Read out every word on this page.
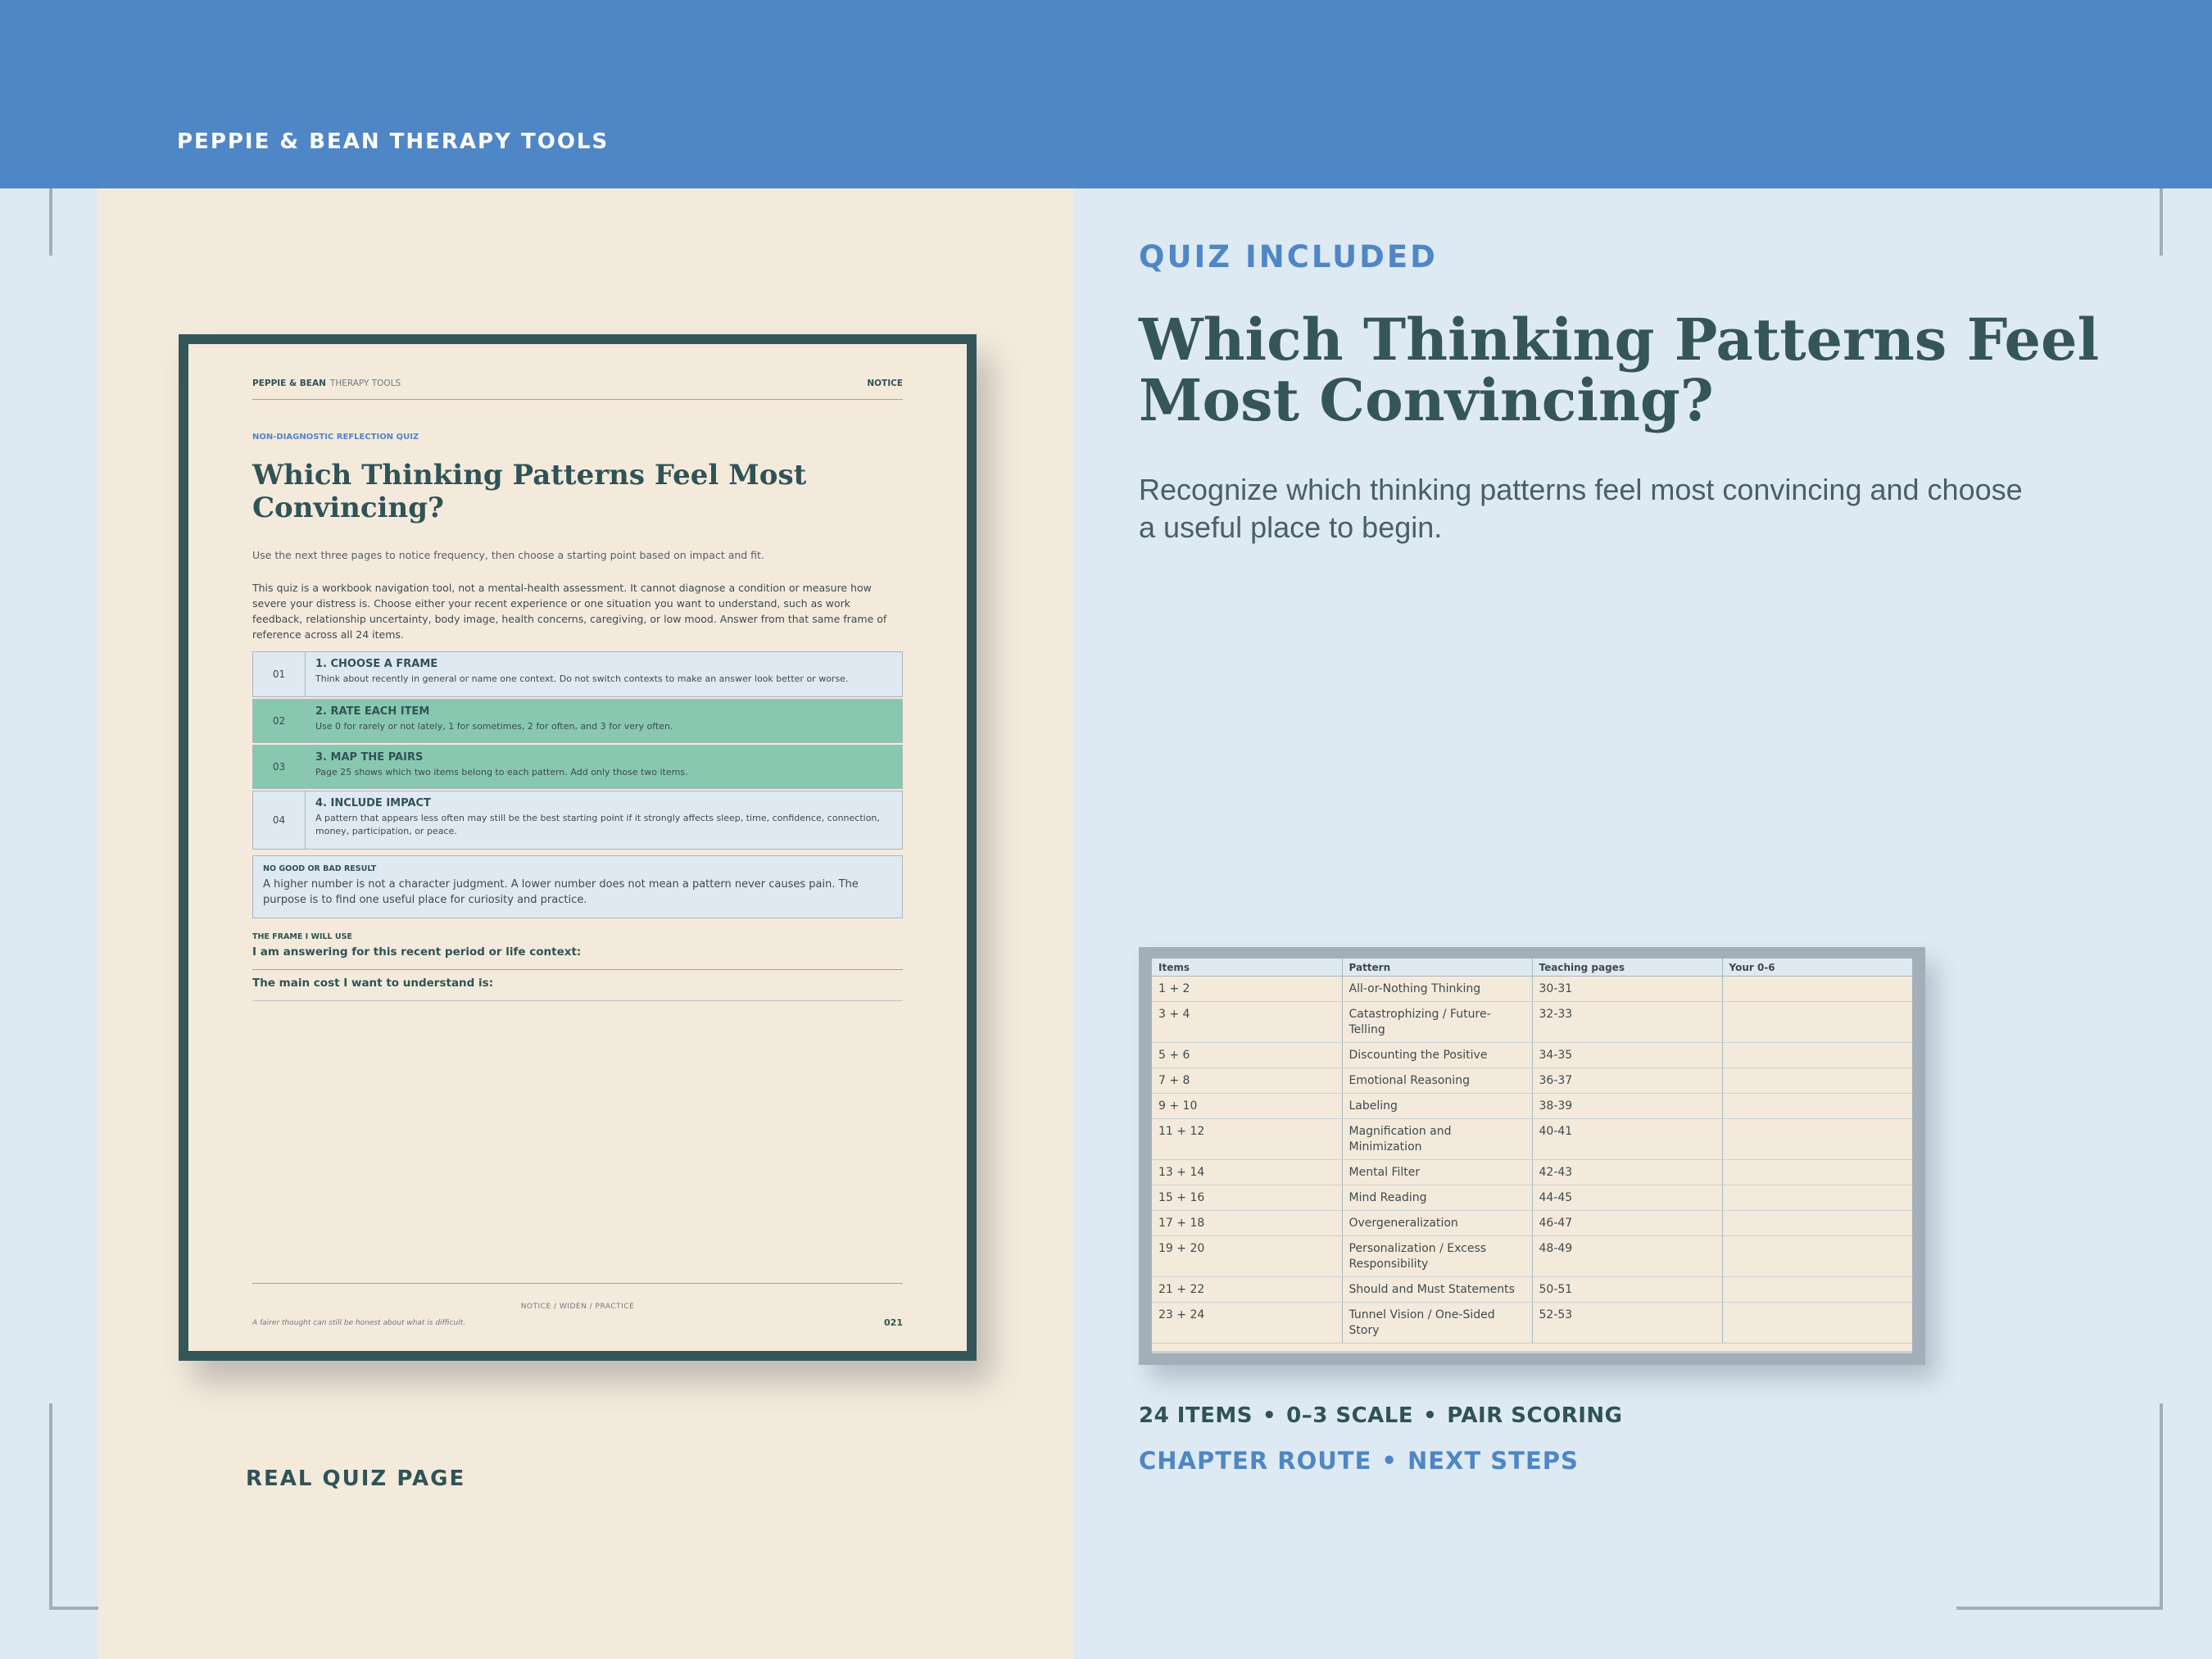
PEPPIE & BEAN THERAPY TOOLS
PEPPIE & BEAN THERAPY TOOLS	NOTICE
NON-DIAGNOSTIC REFLECTION QUIZ
Which Thinking Patterns Feel Most Convincing?
Use the next three pages to notice frequency, then choose a starting point based on impact and fit.
This quiz is a workbook navigation tool, not a mental-health assessment. It cannot diagnose a condition or measure how severe your distress is. Choose either your recent experience or one situation you want to understand, such as work feedback, relationship uncertainty, body image, health concerns, caregiving, or low mood. Answer from that same frame of reference across all 24 items.
01
1. CHOOSE A FRAME
Think about recently in general or name one context. Do not switch contexts to make an answer look better or worse.
02
2. RATE EACH ITEM
Use 0 for rarely or not lately, 1 for sometimes, 2 for often, and 3 for very often.
03
3. MAP THE PAIRS
Page 25 shows which two items belong to each pattern. Add only those two items.
04
4. INCLUDE IMPACT
A pattern that appears less often may still be the best starting point if it strongly affects sleep, time, confidence, connection, money, participation, or peace.
NO GOOD OR BAD RESULT
A higher number is not a character judgment. A lower number does not mean a pattern never causes pain. The purpose is to find one useful place for curiosity and practice.
THE FRAME I WILL USE
I am answering for this recent period or life context:
The main cost I want to understand is:
NOTICE / WIDEN / PRACTICE
A fairer thought can still be honest about what is difficult.	021
REAL QUIZ PAGE
QUIZ INCLUDED
Which Thinking Patterns Feel Most Convincing?
Recognize which thinking patterns feel most convincing and choose a useful place to begin.
Items	Pattern	Teaching pages	Your 0-6
1 + 2	All-or-Nothing Thinking	30-31	
3 + 4	Catastrophizing / Future-Telling	32-33	
5 + 6	Discounting the Positive	34-35	
7 + 8	Emotional Reasoning	36-37	
9 + 10	Labeling	38-39	
11 + 12	Magnification and Minimization	40-41	
13 + 14	Mental Filter	42-43	
15 + 16	Mind Reading	44-45	
17 + 18	Overgeneralization	46-47	
19 + 20	Personalization / Excess Responsibility	48-49	
21 + 22	Should and Must Statements	50-51	
23 + 24	Tunnel Vision / One-Sided Story	52-53	
24 ITEMS • 0–3 SCALE • PAIR SCORING
CHAPTER ROUTE • NEXT STEPS
